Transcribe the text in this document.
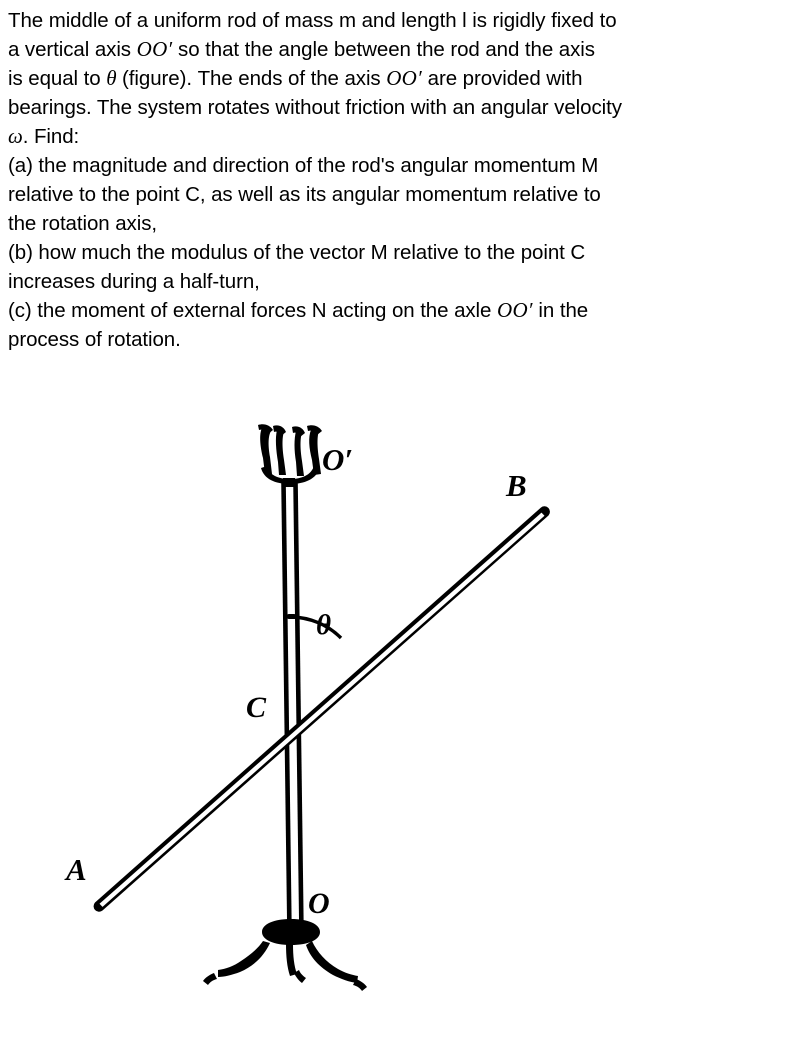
The middle of a uniform rod of mass m and length l is rigidly fixed to

a vertical axis OO′ so that the angle between the rod and the axis

is equal to θ (figure). The ends of the axis OO′ are provided with

bearings. The system rotates without friction with an angular velocity

ω. Find:

(a) the magnitude and direction of the rod's angular momentum M

relative to the point C, as well as its angular momentum relative to

the rotation axis,

(b) how much the modulus of the vector M relative to the point C

increases during a half-turn,

(c) the moment of external forces N acting on the axle OO′ in the

process of rotation.

O′
B
θ
C
A
O
